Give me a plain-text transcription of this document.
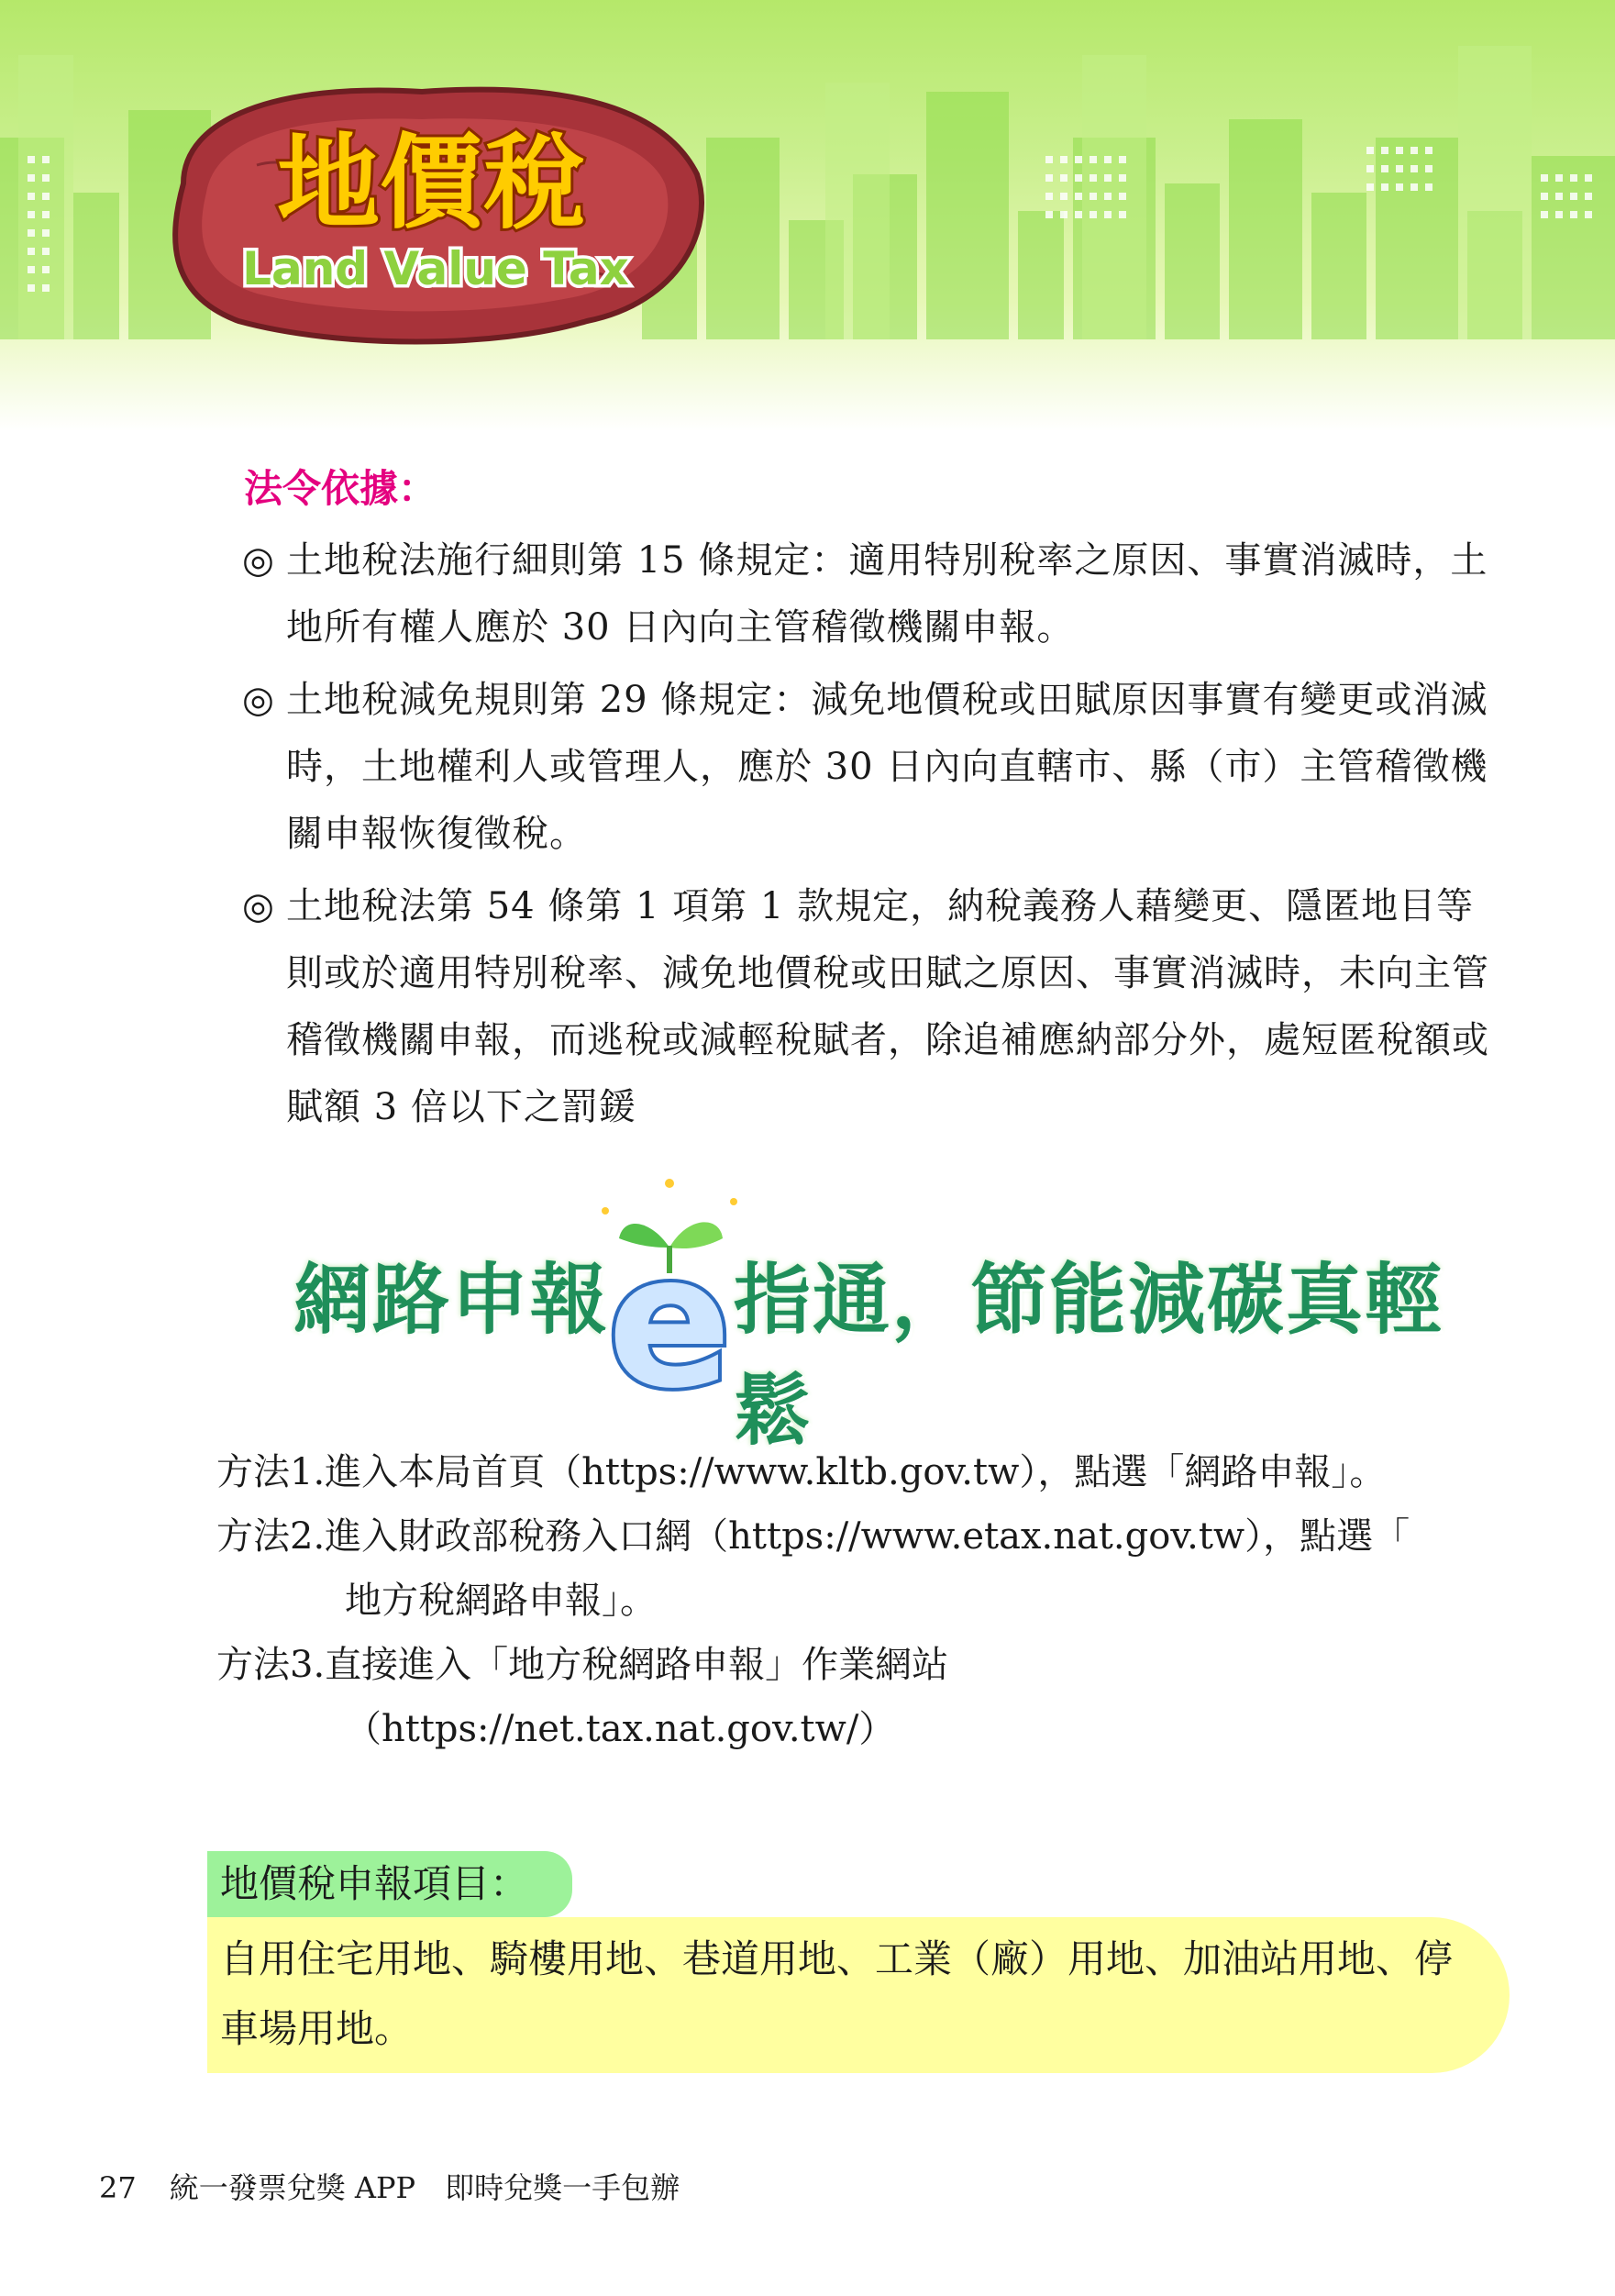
地價稅
Land Value Tax
法令依據：
◎ 土地稅法施行細則第 15 條規定：適用特別稅率之原因、事實消滅時，土地所有權人應於 30 日內向主管稽徵機關申報。
◎ 土地稅減免規則第 29 條規定：減免地價稅或田賦原因事實有變更或消滅時，土地權利人或管理人，應於 30 日內向直轄市、縣（市）主管稽徵機關申報恢復徵稅。
◎ 土地稅法第 54 條第 1 項第 1 款規定，納稅義務人藉變更、隱匿地目等則或於適用特別稅率、減免地價稅或田賦之原因、事實消滅時，未向主管稽徵機關申報，而逃稅或減輕稅賦者，除追補應納部分外，處短匿稅額或賦額 3 倍以下之罰鍰
網路申報
e 指通，節能減碳真輕鬆
方法1.進入本局首頁（https://www.kltb.gov.tw），點選「網路申報」。
方法2.進入財政部稅務入口網（https://www.etax.nat.gov.tw），點選「
地方稅網路申報」。
方法3.直接進入「地方稅網路申報」作業網站
（https://net.tax.nat.gov.tw/）
地價稅申報項目：
自用住宅用地、騎樓用地、巷道用地、工業（廠）用地、加油站用地、停車場用地。
27 統一發票兌獎 APP　即時兌獎一手包辦
